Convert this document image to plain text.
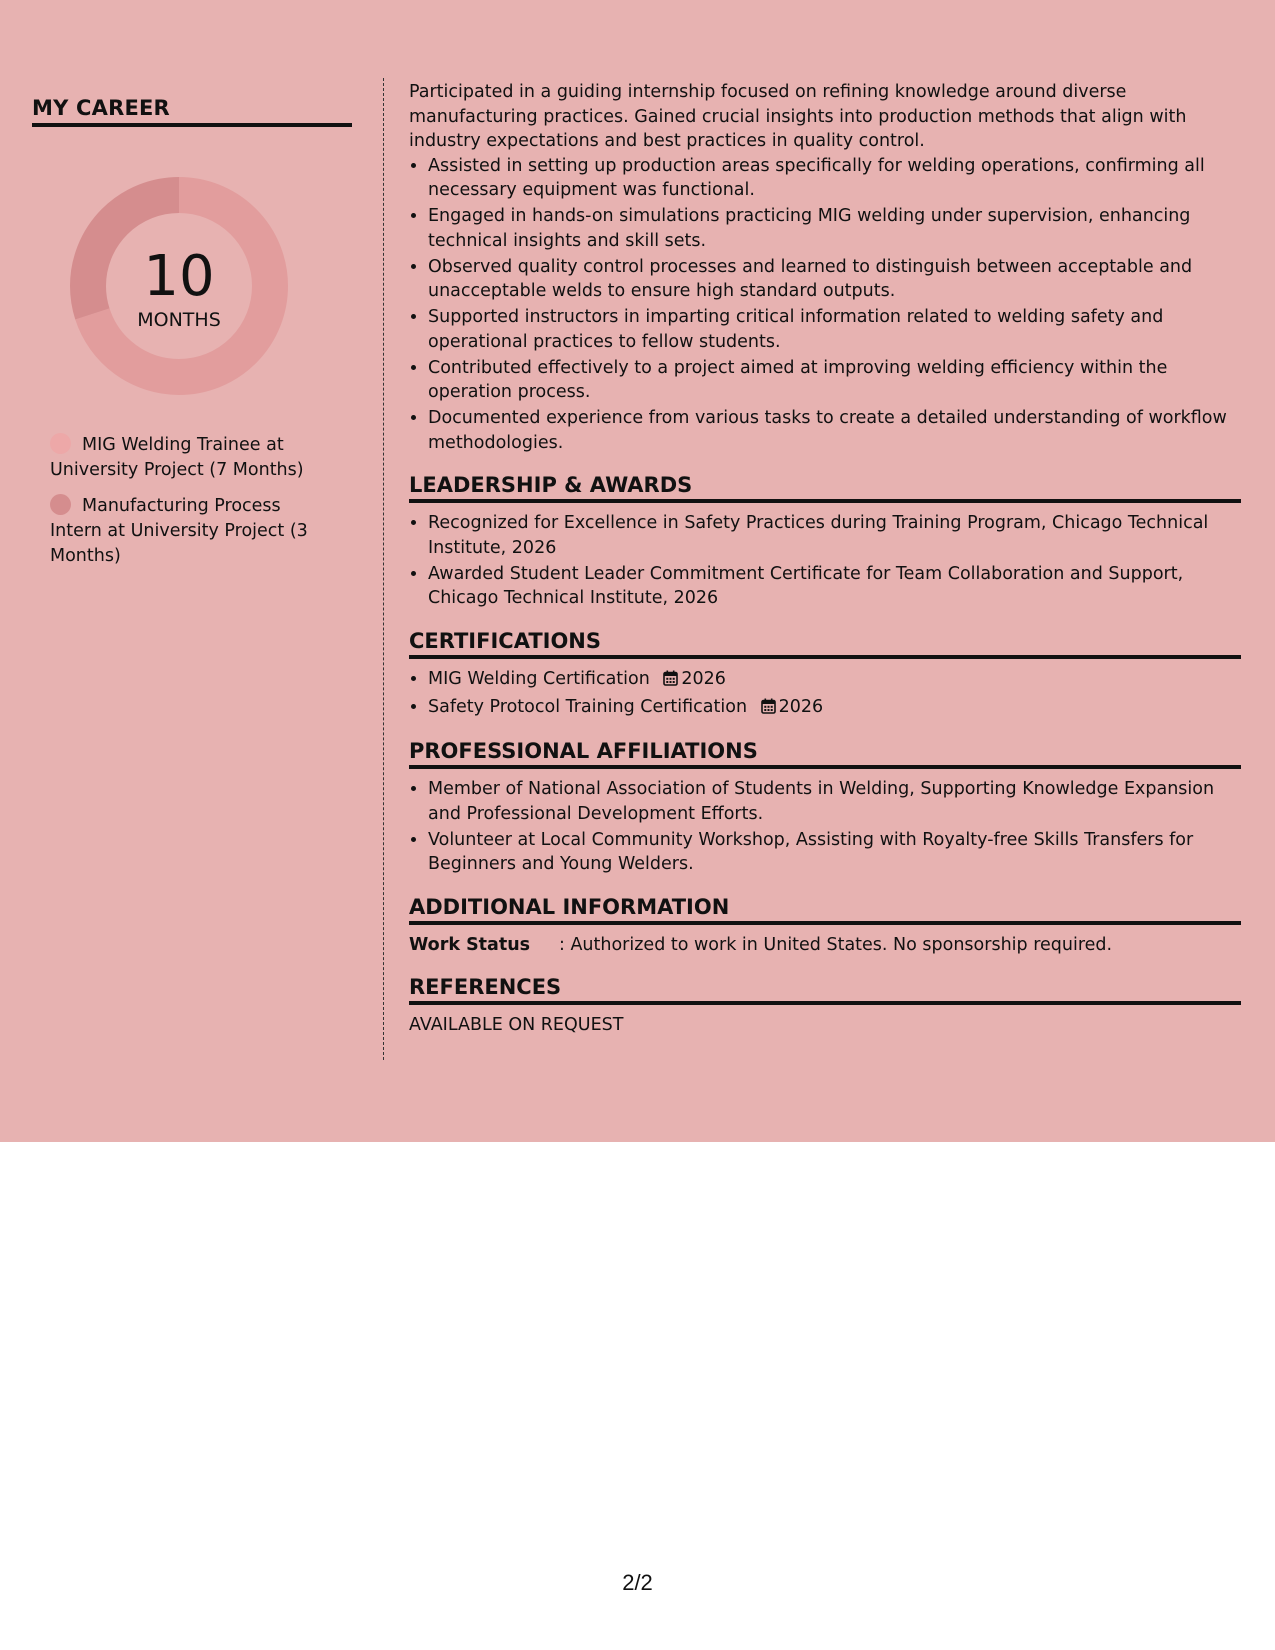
MY CAREER
10
MONTHS
MIG Welding Trainee at University Project (7 Months)
Manufacturing Process Intern at University Project (3 Months)

Participated in a guiding internship focused on refining knowledge around diverse manufacturing practices. Gained crucial insights into production methods that align with industry expectations and best practices in quality control.

• Assisted in setting up production areas specifically for welding operations, confirming all necessary equipment was functional.
• Engaged in hands-on simulations practicing MIG welding under supervision, enhancing technical insights and skill sets.
• Observed quality control processes and learned to distinguish between acceptable and unacceptable welds to ensure high standard outputs.
• Supported instructors in imparting critical information related to welding safety and operational practices to fellow students.
• Contributed effectively to a project aimed at improving welding efficiency within the operation process.
• Documented experience from various tasks to create a detailed understanding of workflow methodologies.
LEADERSHIP & AWARDS
• Recognized for Excellence in Safety Practices during Training Program, Chicago Technical Institute, 2026
• Awarded Student Leader Commitment Certificate for Team Collaboration and Support, Chicago Technical Institute, 2026
CERTIFICATIONS
• MIG Welding Certification 2026
• Safety Protocol Training Certification 2026
PROFESSIONAL AFFILIATIONS
• Member of National Association of Students in Welding, Supporting Knowledge Expansion and Professional Development Efforts.
• Volunteer at Local Community Workshop, Assisting with Royalty-free Skills Transfers for Beginners and Young Welders.
ADDITIONAL INFORMATION
Work Status	: Authorized to work in United States. No sponsorship required.
REFERENCES

AVAILABLE ON REQUEST

2/2
